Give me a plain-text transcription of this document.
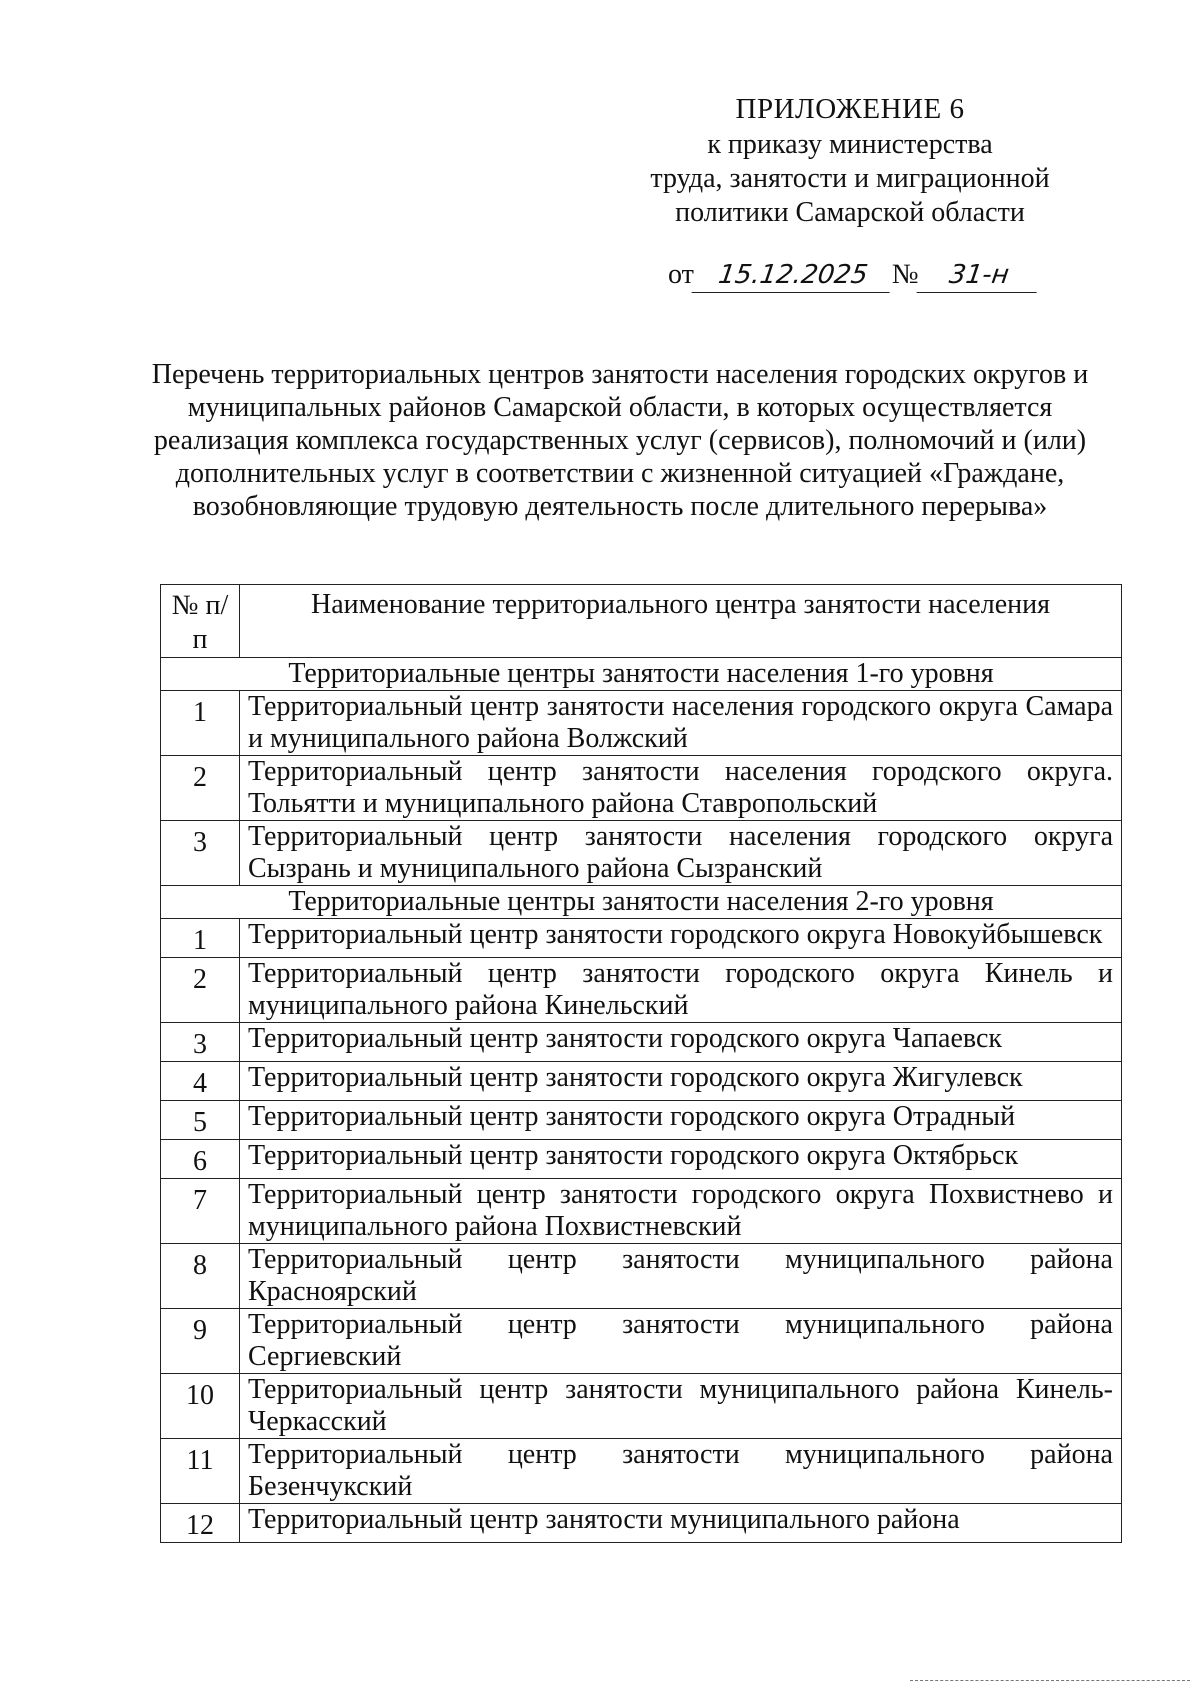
ПРИЛОЖЕНИЕ 6
к приказу министерства
труда, занятости и миграционной
политики Самарской области
от 15.12.2025 № 31-н
Перечень территориальных центров занятости населения городских округов и муниципальных районов Самарской области, в которых осуществляется реализация комплекса государственных услуг (сервисов), полномочий и (или) дополнительных услуг в соответствии с жизненной ситуацией «Граждане, возобновляющие трудовую деятельность после длительного перерыва»
№ п/п	Наименование территориального центра занятости населения
Территориальные центры занятости населения 1-го уровня	
1	Территориальный центр занятости населения городского округа Самара и муниципального района Волжский
2	Территориальный центр занятости населения городского округа. Тольятти и муниципального района Ставропольский
3	Территориальный центр занятости населения городского округа Сызрань и муниципального района Сызранский
Территориальные центры занятости населения 2-го уровня	
1	Территориальный центр занятости городского округа Новокуйбышевск
2	Территориальный центр занятости городского округа Кинель и муниципального района Кинельский
3	Территориальный центр занятости городского округа Чапаевск
4	Территориальный центр занятости городского округа Жигулевск
5	Территориальный центр занятости городского округа Отрадный
6	Территориальный центр занятости городского округа Октябрьск
7	Территориальный центр занятости городского округа Похвистнево и муниципального района Похвистневский
8	Территориальный центр занятости муниципального района Красноярский
9	Территориальный центр занятости муниципального района Сергиевский
10	Территориальный центр занятости муниципального района Кинель-Черкасский
11	Территориальный центр занятости муниципального района Безенчукский
12	Территориальный центр занятости муниципального района
